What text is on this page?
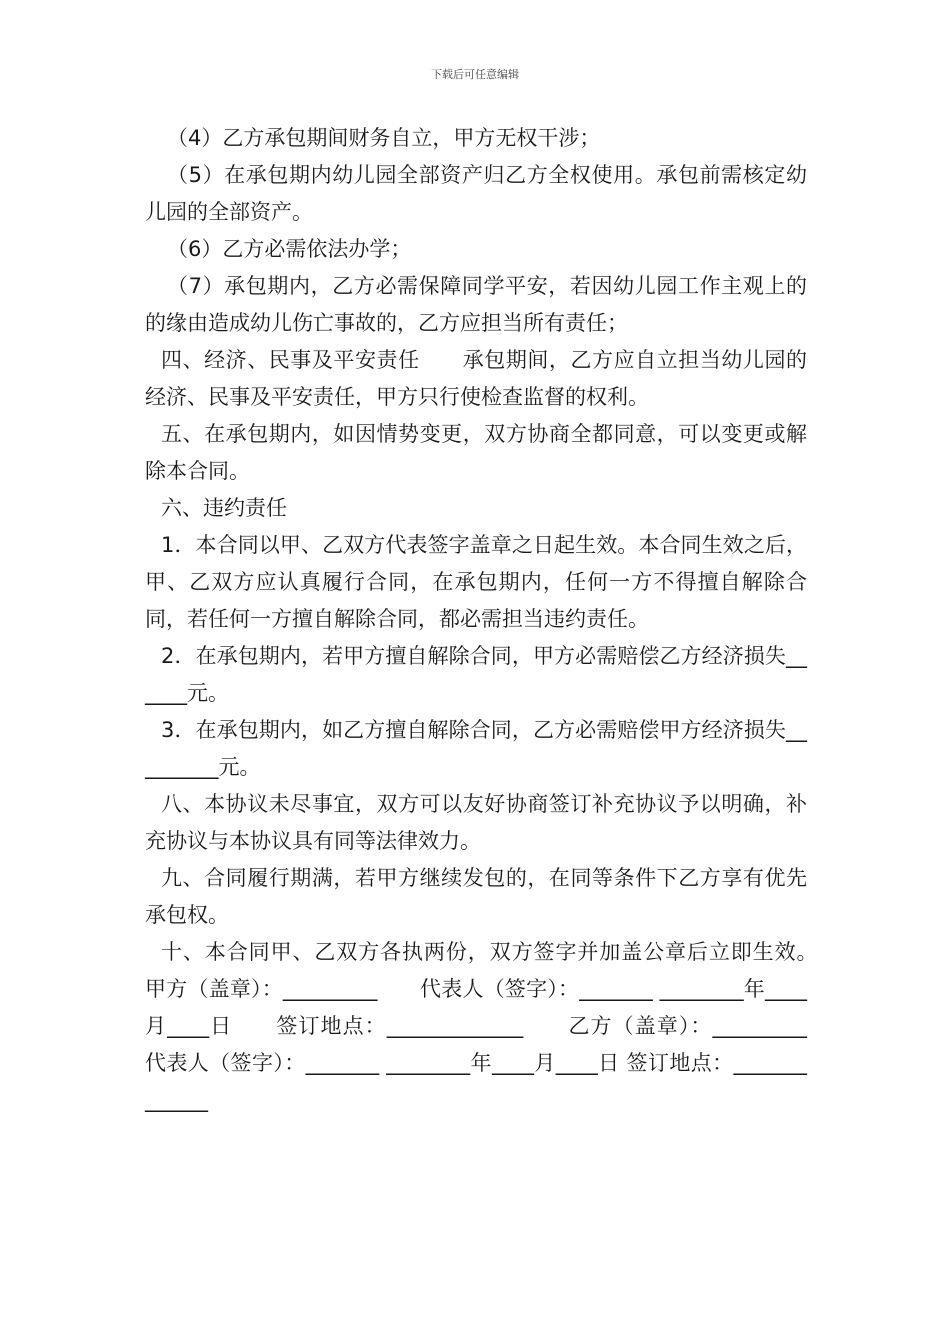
下载后可任意编辑

（4）乙方承包期间财务自立，甲方无权干涉；

（5）在承包期内幼儿园全部资产归乙方全权使用。承包前需核定幼儿园的全部资产。

（6）乙方必需依法办学；

（7）承包期内，乙方必需保障同学平安，若因幼儿园工作主观上的的缘由造成幼儿伤亡事故的，乙方应担当所有责任；

四、经济、民事及平安责任　　承包期间，乙方应自立担当幼儿园的经济、民事及平安责任，甲方只行使检查监督的权利。

五、在承包期内，如因情势变更，双方协商全都同意，可以变更或解除本合同。

六、违约责任

1．本合同以甲、乙双方代表签字盖章之日起生效。本合同生效之后，甲、乙双方应认真履行合同，在承包期内，任何一方不得擅自解除合同，若任何一方擅自解除合同，都必需担当违约责任。

2．在承包期内，若甲方擅自解除合同，甲方必需赔偿乙方经济损失______元。

3．在承包期内，如乙方擅自解除合同，乙方必需赔偿甲方经济损失_________元。

八、本协议未尽事宜，双方可以友好协商签订补充协议予以明确，补充协议与本协议具有同等法律效力。

九、合同履行期满，若甲方继续发包的，在同等条件下乙方享有优先承包权。

十、本合同甲、乙双方各执两份，双方签字并加盖公章后立即生效。　　甲方（盖章）：_________　　代表人（签字）：_______ ________年____月____日　　签订地点：_____________　　乙方（盖章）：_________ 代表人（签字）：_______ ________年____月____日 签订地点：_____________
